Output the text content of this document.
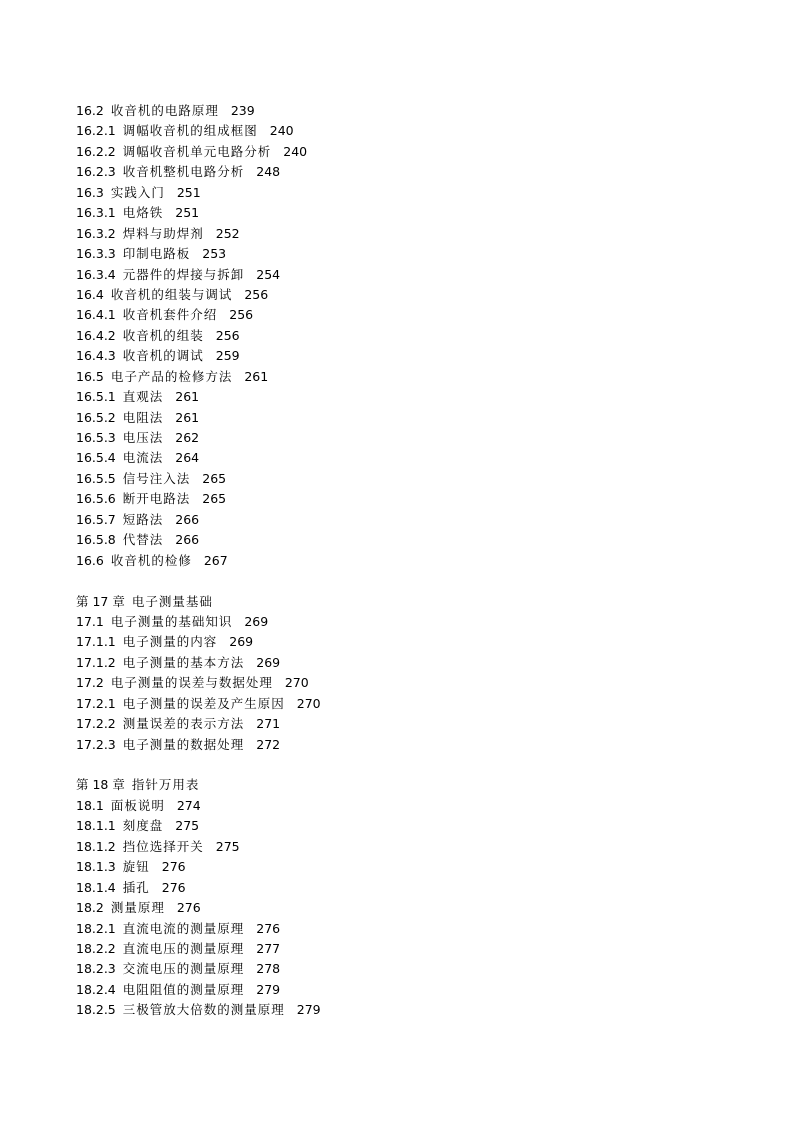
16.2 收音机的电路原理 239
16.2.1 调幅收音机的组成框图 240
16.2.2 调幅收音机单元电路分析 240
16.2.3 收音机整机电路分析 248
16.3 实践入门 251
16.3.1 电烙铁 251
16.3.2 焊料与助焊剂 252
16.3.3 印制电路板 253
16.3.4 元器件的焊接与拆卸 254
16.4 收音机的组装与调试 256
16.4.1 收音机套件介绍 256
16.4.2 收音机的组装 256
16.4.3 收音机的调试 259
16.5 电子产品的检修方法 261
16.5.1 直观法 261
16.5.2 电阻法 261
16.5.3 电压法 262
16.5.4 电流法 264
16.5.5 信号注入法 265
16.5.6 断开电路法 265
16.5.7 短路法 266
16.5.8 代替法 266
16.6 收音机的检修 267
第 17 章 电子测量基础
17.1 电子测量的基础知识 269
17.1.1 电子测量的内容 269
17.1.2 电子测量的基本方法 269
17.2 电子测量的误差与数据处理 270
17.2.1 电子测量的误差及产生原因 270
17.2.2 测量误差的表示方法 271
17.2.3 电子测量的数据处理 272
第 18 章 指针万用表
18.1 面板说明 274
18.1.1 刻度盘 275
18.1.2 挡位选择开关 275
18.1.3 旋钮 276
18.1.4 插孔 276
18.2 测量原理 276
18.2.1 直流电流的测量原理 276
18.2.2 直流电压的测量原理 277
18.2.3 交流电压的测量原理 278
18.2.4 电阻阻值的测量原理 279
18.2.5 三极管放大倍数的测量原理 279
